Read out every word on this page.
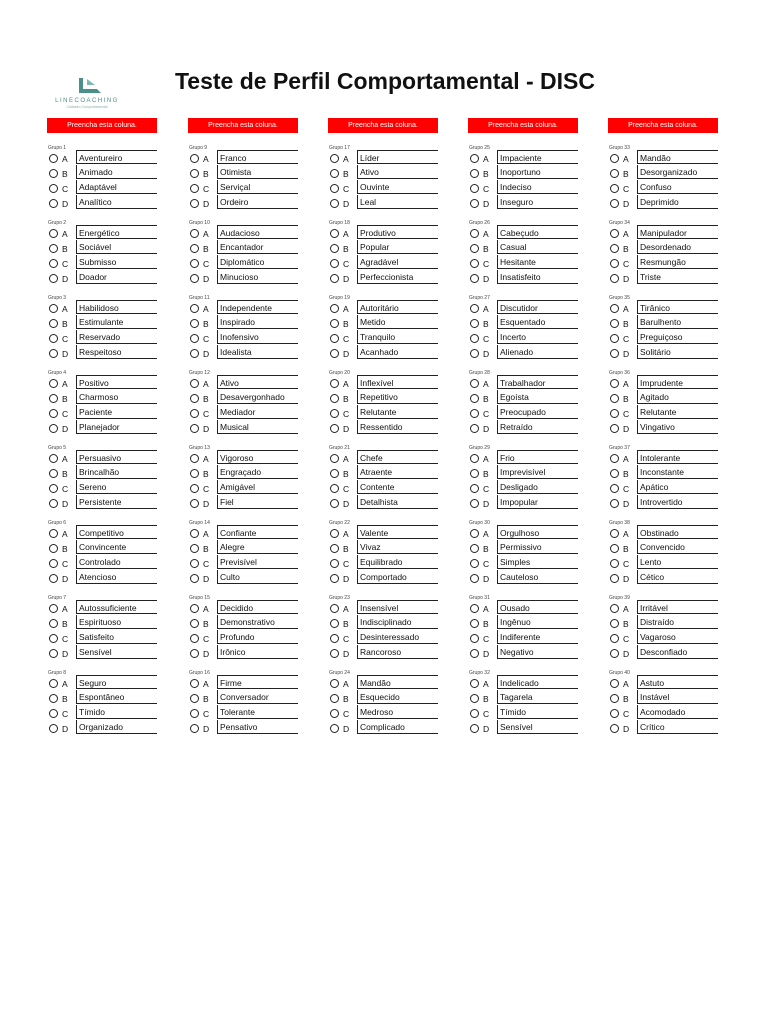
LINECOACHING
Cadastro Comportamental
Teste de Perfil Comportamental - DISC
Preencha esta coluna.
Grupo 1
A Aventureiro
B Animado
C Adaptável
D Analítico
Grupo 2
A Energético
B Sociável
C Submisso
D Doador
Grupo 3
A Habilidoso
B Estimulante
C Reservado
D Respeitoso
Grupo 4
A Positivo
B Charmoso
C Paciente
D Planejador
Grupo 5
A Persuasivo
B Brincalhão
C Sereno
D Persistente
Grupo 6
A Competitivo
B Convincente
C Controlado
D Atencioso
Grupo 7
A Autossuficiente
B Espirituoso
C Satisfeito
D Sensível
Grupo 8
A Seguro
B Espontâneo
C Tímido
D Organizado
Preencha esta coluna.
Grupo 9
A Franco
B Otimista
C Serviçal
D Ordeiro
Grupo 10
A Audacioso
B Encantador
C Diplomático
D Minucioso
Grupo 11
A Independente
B Inspirado
C Inofensivo
D Idealista
Grupo 12
A Ativo
B Desavergonhado
C Mediador
D Musical
Grupo 13
A Vigoroso
B Engraçado
C Amigável
D Fiel
Grupo 14
A Confiante
B Alegre
C Previsível
D Culto
Grupo 15
A Decidido
B Demonstrativo
C Profundo
D Irônico
Grupo 16
A Firme
B Conversador
C Tolerante
D Pensativo
Preencha esta coluna.
Grupo 17
A Líder
B Ativo
C Ouvinte
D Leal
Grupo 18
A Produtivo
B Popular
C Agradável
D Perfeccionista
Grupo 19
A Autoritário
B Metido
C Tranquilo
D Acanhado
Grupo 20
A Inflexível
B Repetitivo
C Relutante
D Ressentido
Grupo 21
A Chefe
B Atraente
C Contente
D Detalhista
Grupo 22
A Valente
B Vivaz
C Equilibrado
D Comportado
Grupo 23
A Insensível
B Indisciplinado
C Desinteressado
D Rancoroso
Grupo 24
A Mandão
B Esquecido
C Medroso
D Complicado
Preencha esta coluna.
Grupo 25
A Impaciente
B Inoportuno
C Indeciso
D Inseguro
Grupo 26
A Cabeçudo
B Casual
C Hesitante
D Insatisfeito
Grupo 27
A Discutidor
B Esquentado
C Incerto
D Alienado
Grupo 28
A Trabalhador
B Egoísta
C Preocupado
D Retraído
Grupo 29
A Frio
B Imprevisível
C Desligado
D Impopular
Grupo 30
A Orgulhoso
B Permissivo
C Simples
D Cauteloso
Grupo 31
A Ousado
B Ingênuo
C Indiferente
D Negativo
Grupo 32
A Indelicado
B Tagarela
C Tímido
D Sensível
Preencha esta coluna.
Grupo 33
A Mandão
B Desorganizado
C Confuso
D Deprimido
Grupo 34
A Manipulador
B Desordenado
C Resmungão
D Triste
Grupo 35
A Tirânico
B Barulhento
C Preguiçoso
D Solitário
Grupo 36
A Imprudente
B Agitado
C Relutante
D Vingativo
Grupo 37
A Intolerante
B Inconstante
C Apático
D Introvertido
Grupo 38
A Obstinado
B Convencido
C Lento
D Cético
Grupo 39
A Irritável
B Distraído
C Vagaroso
D Desconfiado
Grupo 40
A Astuto
B Instável
C Acomodado
D Crítico
